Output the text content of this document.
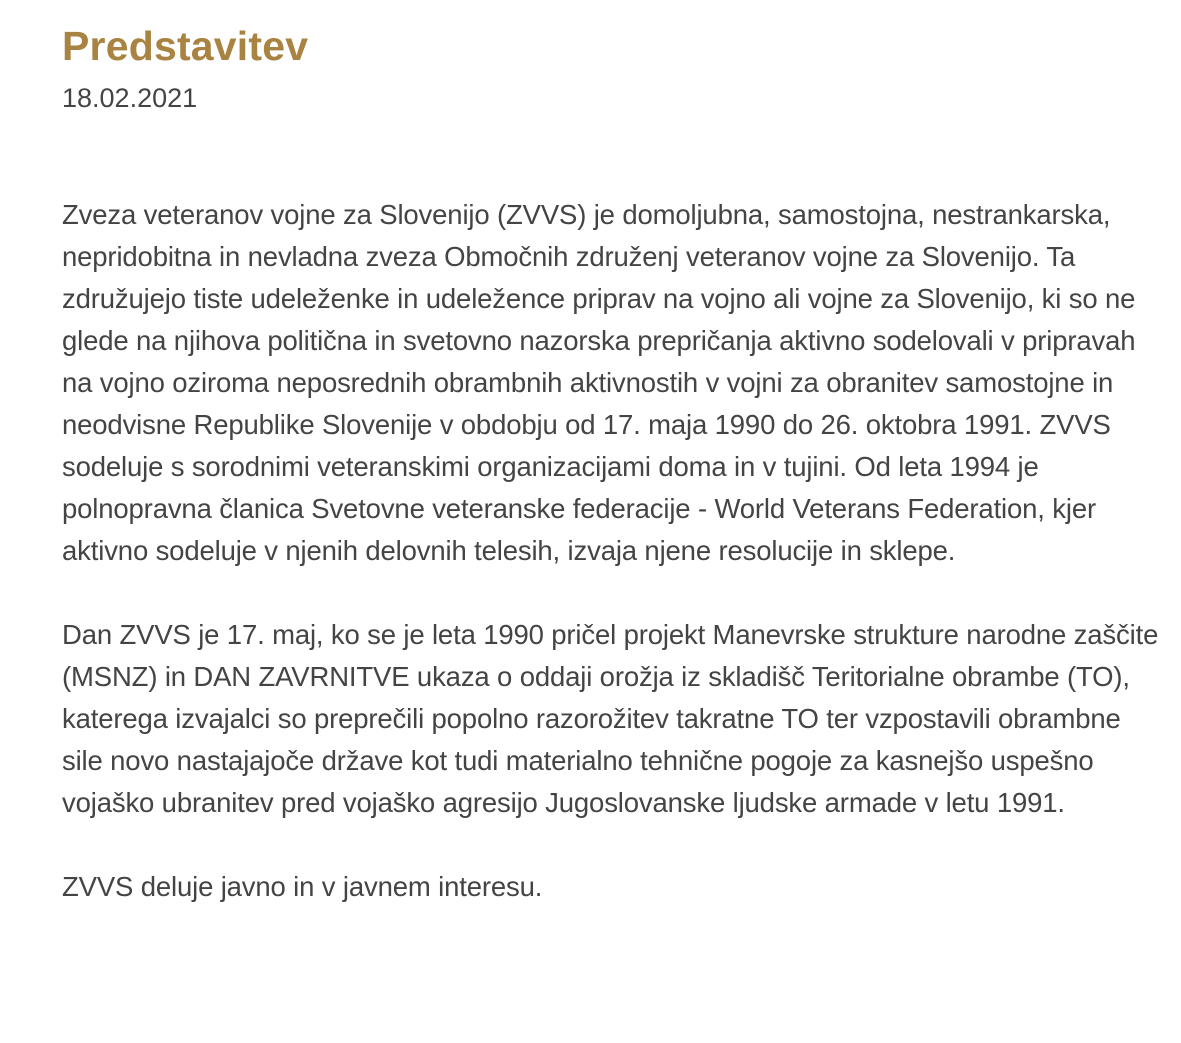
Predstavitev
18.02.2021

Zveza veteranov vojne za Slovenijo (ZVVS) je domoljubna, samostojna, nestrankarska, nepridobitna in nevladna zveza Območnih združenj veteranov vojne za Slovenijo. Ta združujejo tiste udeleženke in udeležence priprav na vojno ali vojne za Slovenijo, ki so ne glede na njihova politična in svetovno nazorska prepričanja aktivno sodelovali v pripravah na vojno oziroma neposrednih obrambnih aktivnostih v vojni za obranitev samostojne in neodvisne Republike Slovenije v obdobju od 17. maja 1990 do 26. oktobra 1991. ZVVS sodeluje s sorodnimi veteranskimi organizacijami doma in v tujini. Od leta 1994 je polnopravna članica Svetovne veteranske federacije - World Veterans Federation, kjer aktivno sodeluje v njenih delovnih telesih, izvaja njene resolucije in sklepe.

Dan ZVVS je 17. maj, ko se je leta 1990 pričel projekt Manevrske strukture narodne zaščite (MSNZ) in DAN ZAVRNITVE ukaza o oddaji orožja iz skladišč Teritorialne obrambe (TO), katerega izvajalci so preprečili popolno razorožitev takratne TO ter vzpostavili obrambne sile novo nastajajoče države kot tudi materialno tehnične pogoje za kasnejšo uspešno vojaško ubranitev pred vojaško agresijo Jugoslovanske ljudske armade v letu 1991.

ZVVS deluje javno in v javnem interesu.
